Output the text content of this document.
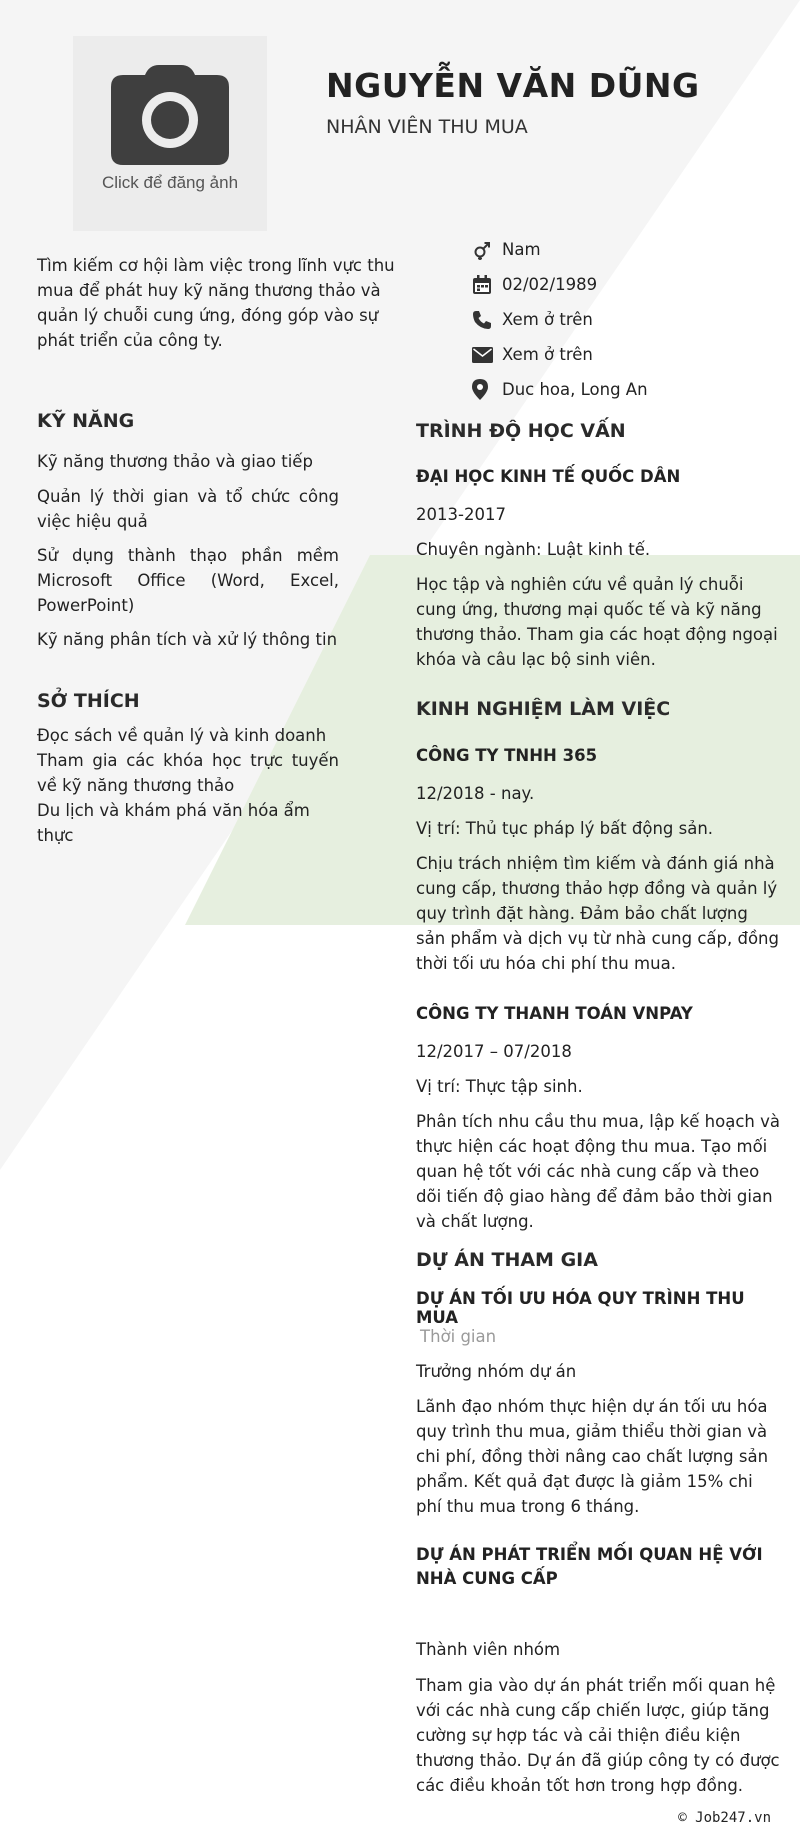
Click để đăng ảnh
NGUYỄN VĂN DŨNG
NHÂN VIÊN THU MUA
Tìm kiếm cơ hội làm việc trong lĩnh vực thu mua để phát huy kỹ năng thương thảo và quản lý chuỗi cung ứng, đóng góp vào sự phát triển của công ty.
Nam
02/02/1989
Xem ở trên
Xem ở trên
Duc hoa, Long An
KỸ NĂNG
Kỹ năng thương thảo và giao tiếp
Quản lý thời gian và tổ chức công việc hiệu quả
Sử dụng thành thạo phần mềm Microsoft Office (Word, Excel, PowerPoint)
Kỹ năng phân tích và xử lý thông tin
SỞ THÍCH
Đọc sách về quản lý và kinh doanh
Tham gia các khóa học trực tuyến về kỹ năng thương thảo
Du lịch và khám phá văn hóa ẩm thực
TRÌNH ĐỘ HỌC VẤN
ĐẠI HỌC KINH TẾ QUỐC DÂN
2013-2017
Chuyên ngành: Luật kinh tế.
Học tập và nghiên cứu về quản lý chuỗi cung ứng, thương mại quốc tế và kỹ năng thương thảo. Tham gia các hoạt động ngoại khóa và câu lạc bộ sinh viên.
KINH NGHIỆM LÀM VIỆC
CÔNG TY TNHH 365
12/2018 - nay.
Vị trí: Thủ tục pháp lý bất động sản.
Chịu trách nhiệm tìm kiếm và đánh giá nhà cung cấp, thương thảo hợp đồng và quản lý quy trình đặt hàng. Đảm bảo chất lượng sản phẩm và dịch vụ từ nhà cung cấp, đồng thời tối ưu hóa chi phí thu mua.
CÔNG TY THANH TOÁN VNPAY
12/2017 – 07/2018
Vị trí: Thực tập sinh.
Phân tích nhu cầu thu mua, lập kế hoạch và thực hiện các hoạt động thu mua. Tạo mối quan hệ tốt với các nhà cung cấp và theo dõi tiến độ giao hàng để đảm bảo thời gian và chất lượng.
DỰ ÁN THAM GIA
DỰ ÁN TỐI ƯU HÓA QUY TRÌNH THU MUA
Thời gian
Trưởng nhóm dự án
Lãnh đạo nhóm thực hiện dự án tối ưu hóa quy trình thu mua, giảm thiểu thời gian và chi phí, đồng thời nâng cao chất lượng sản phẩm. Kết quả đạt được là giảm 15% chi phí thu mua trong 6 tháng.
DỰ ÁN PHÁT TRIỂN MỐI QUAN HỆ VỚI NHÀ CUNG CẤP
Thành viên nhóm
Tham gia vào dự án phát triển mối quan hệ với các nhà cung cấp chiến lược, giúp tăng cường sự hợp tác và cải thiện điều kiện thương thảo. Dự án đã giúp công ty có được các điều khoản tốt hơn trong hợp đồng.
© Job247.vn
